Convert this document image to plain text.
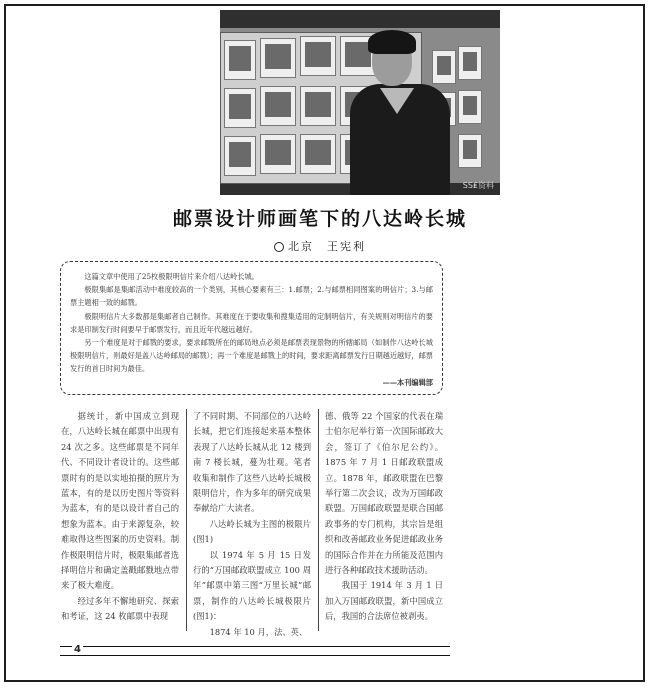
SS₤资料
邮票设计师画笔下的八达岭长城
北京　王宪利

这篇文章中使用了25枚极限明信片来介绍八达岭长城。

极限集邮是集邮活动中难度较高的一个类别，其核心要素有三：1.邮票；2.与邮票相同图案的明信片；3.与邮票主题相一致的邮戮。

极限明信片大多数都是集邮者自己制作。其难度在于要收集和搜集适用的定制明信片，有关规则对明信片的要求是印制发行时间要早于邮票发行，而且近年代越远越好。

另一个难度是对于邮戮的要求，要求邮戮所在的邮局地点必须是邮票表现景物的所辖邮局（如制作八达岭长城极限明信片，则最好是盖八达岭邮局的邮戮）；再一个难度是邮戮上的时间，要求距离邮票发行日期越近越好，邮票发行的首日时间为最佳。

——本刊编辑部

据统计，新中国成立到现在，八达岭长城在邮票中出现有 24 次之多。这些邮票是不同年代、不同设计者设计的。这些邮票时有的是以实地拍摄的照片为蓝本，有的是以历史图片等资料为蓝本，有的是以设计者自己的想象为蓝本。由于来源复杂，较难取得这些图案的历史资料。制作极限明信片时，极限集邮者选择明信片和确定盖戳邮戮地点带来了极大难度。

经过多年不懈地研究、探索和考证，这 24 枚邮票中表现

了不同时期、不同部位的八达岭长城，把它们连接起来基本整体表现了八达岭长城从北 12 楼到南 7 楼长城，蔓为壮观。笔者收集和制作了这些八达岭长城极限明信片，作为多年的研究成果奉献给广大读者。

八达岭长城为主图的极限片(图1)

以 1974 年 5 月 15 日发行的“万国邮政联盟成立 100 周年”邮票中第三图“万里长城”邮票，制作的八达岭长城极限片(图1)：

1874 年 10 月，法、英、

德、俄等 22 个国家的代表在瑞士伯尔尼举行第一次国际邮政大会，签订了《伯尔尼公约》。1875 年 7 月 1 日邮政联盟成立。1878 年，邮政联盟在巴黎举行第二次会议，改为万国邮政联盟。万国邮政联盟是联合国邮政事务的专门机构，其宗旨是组织和改善邮政业务促进邮政业务的国际合作并在力所能及范围内进行各种邮政技术援助活动。

我国于 1914 年 3 月 1 日加入万国邮政联盟，新中国成立后，我国的合法席位被剥夷。

4
